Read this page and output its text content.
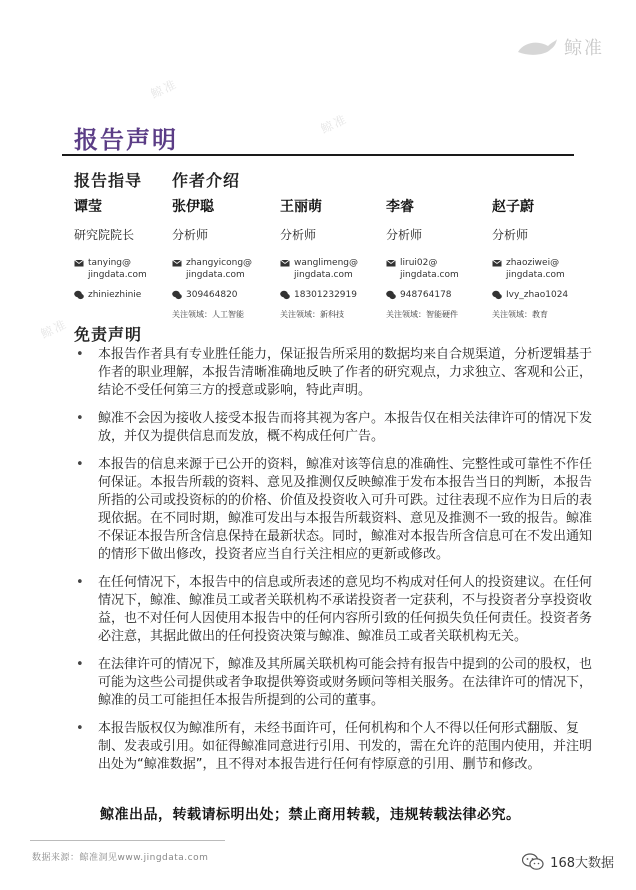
鲸准
鲸准
鲸准
鲸准
报告声明
报告指导 作者介绍
谭莹
研究院院长
tanying@
jingdata.com
zhiniezhinie
张伊聪
分析师
zhangyicong@
jingdata.com
309464820
关注领域：人工智能
王丽萌
分析师
wanglimeng@
jingdata.com
18301232919
关注领域：新科技
李睿
分析师
lirui02@
jingdata.com
948764178
关注领域：智能硬件
赵子蔚
分析师
zhaoziwei@
jingdata.com
Ivy_zhao1024
关注领域：教育
免责声明
• 本报告作者具有专业胜任能力，保证报告所采用的数据均来自合规渠道，分析逻辑基于作者的职业理解，本报告清晰准确地反映了作者的研究观点，力求独立、客观和公正，结论不受任何第三方的授意或影响，特此声明。
• 鲸准不会因为接收人接受本报告而将其视为客户。本报告仅在相关法律许可的情况下发放，并仅为提供信息而发放，概不构成任何广告。
• 本报告的信息来源于已公开的资料，鲸准对该等信息的准确性、完整性或可靠性不作任何保证。本报告所载的资料、意见及推测仅反映鲸准于发布本报告当日的判断，本报告所指的公司或投资标的的价格、价值及投资收入可升可跌。过往表现不应作为日后的表现依据。在不同时期，鲸准可发出与本报告所载资料、意见及推测不一致的报告。鲸准不保证本报告所含信息保持在最新状态。同时，鲸准对本报告所含信息可在不发出通知的情形下做出修改，投资者应当自行关注相应的更新或修改。
• 在任何情况下，本报告中的信息或所表述的意见均不构成对任何人的投资建议。在任何情况下，鲸准、鲸准员工或者关联机构不承诺投资者一定获利，不与投资者分享投资收益，也不对任何人因使用本报告中的任何内容所引致的任何损失负任何责任。投资者务必注意，其据此做出的任何投资决策与鲸准、鲸准员工或者关联机构无关。
• 在法律许可的情况下，鲸准及其所属关联机构可能会持有报告中提到的公司的股权，也可能为这些公司提供或者争取提供筹资或财务顾问等相关服务。在法律许可的情况下，鲸准的员工可能担任本报告所提到的公司的董事。
• 本报告版权仅为鲸准所有，未经书面许可，任何机构和个人不得以任何形式翻版、复制、发表或引用。如征得鲸准同意进行引用、刊发的，需在允许的范围内使用，并注明出处为“鲸准数据”，且不得对本报告进行任何有悖原意的引用、删节和修改。
鲸准出品，转载请标明出处；禁止商用转载，违规转载法律必究。
数据来源：鲸准洞见www.jingdata.com	168大数据
